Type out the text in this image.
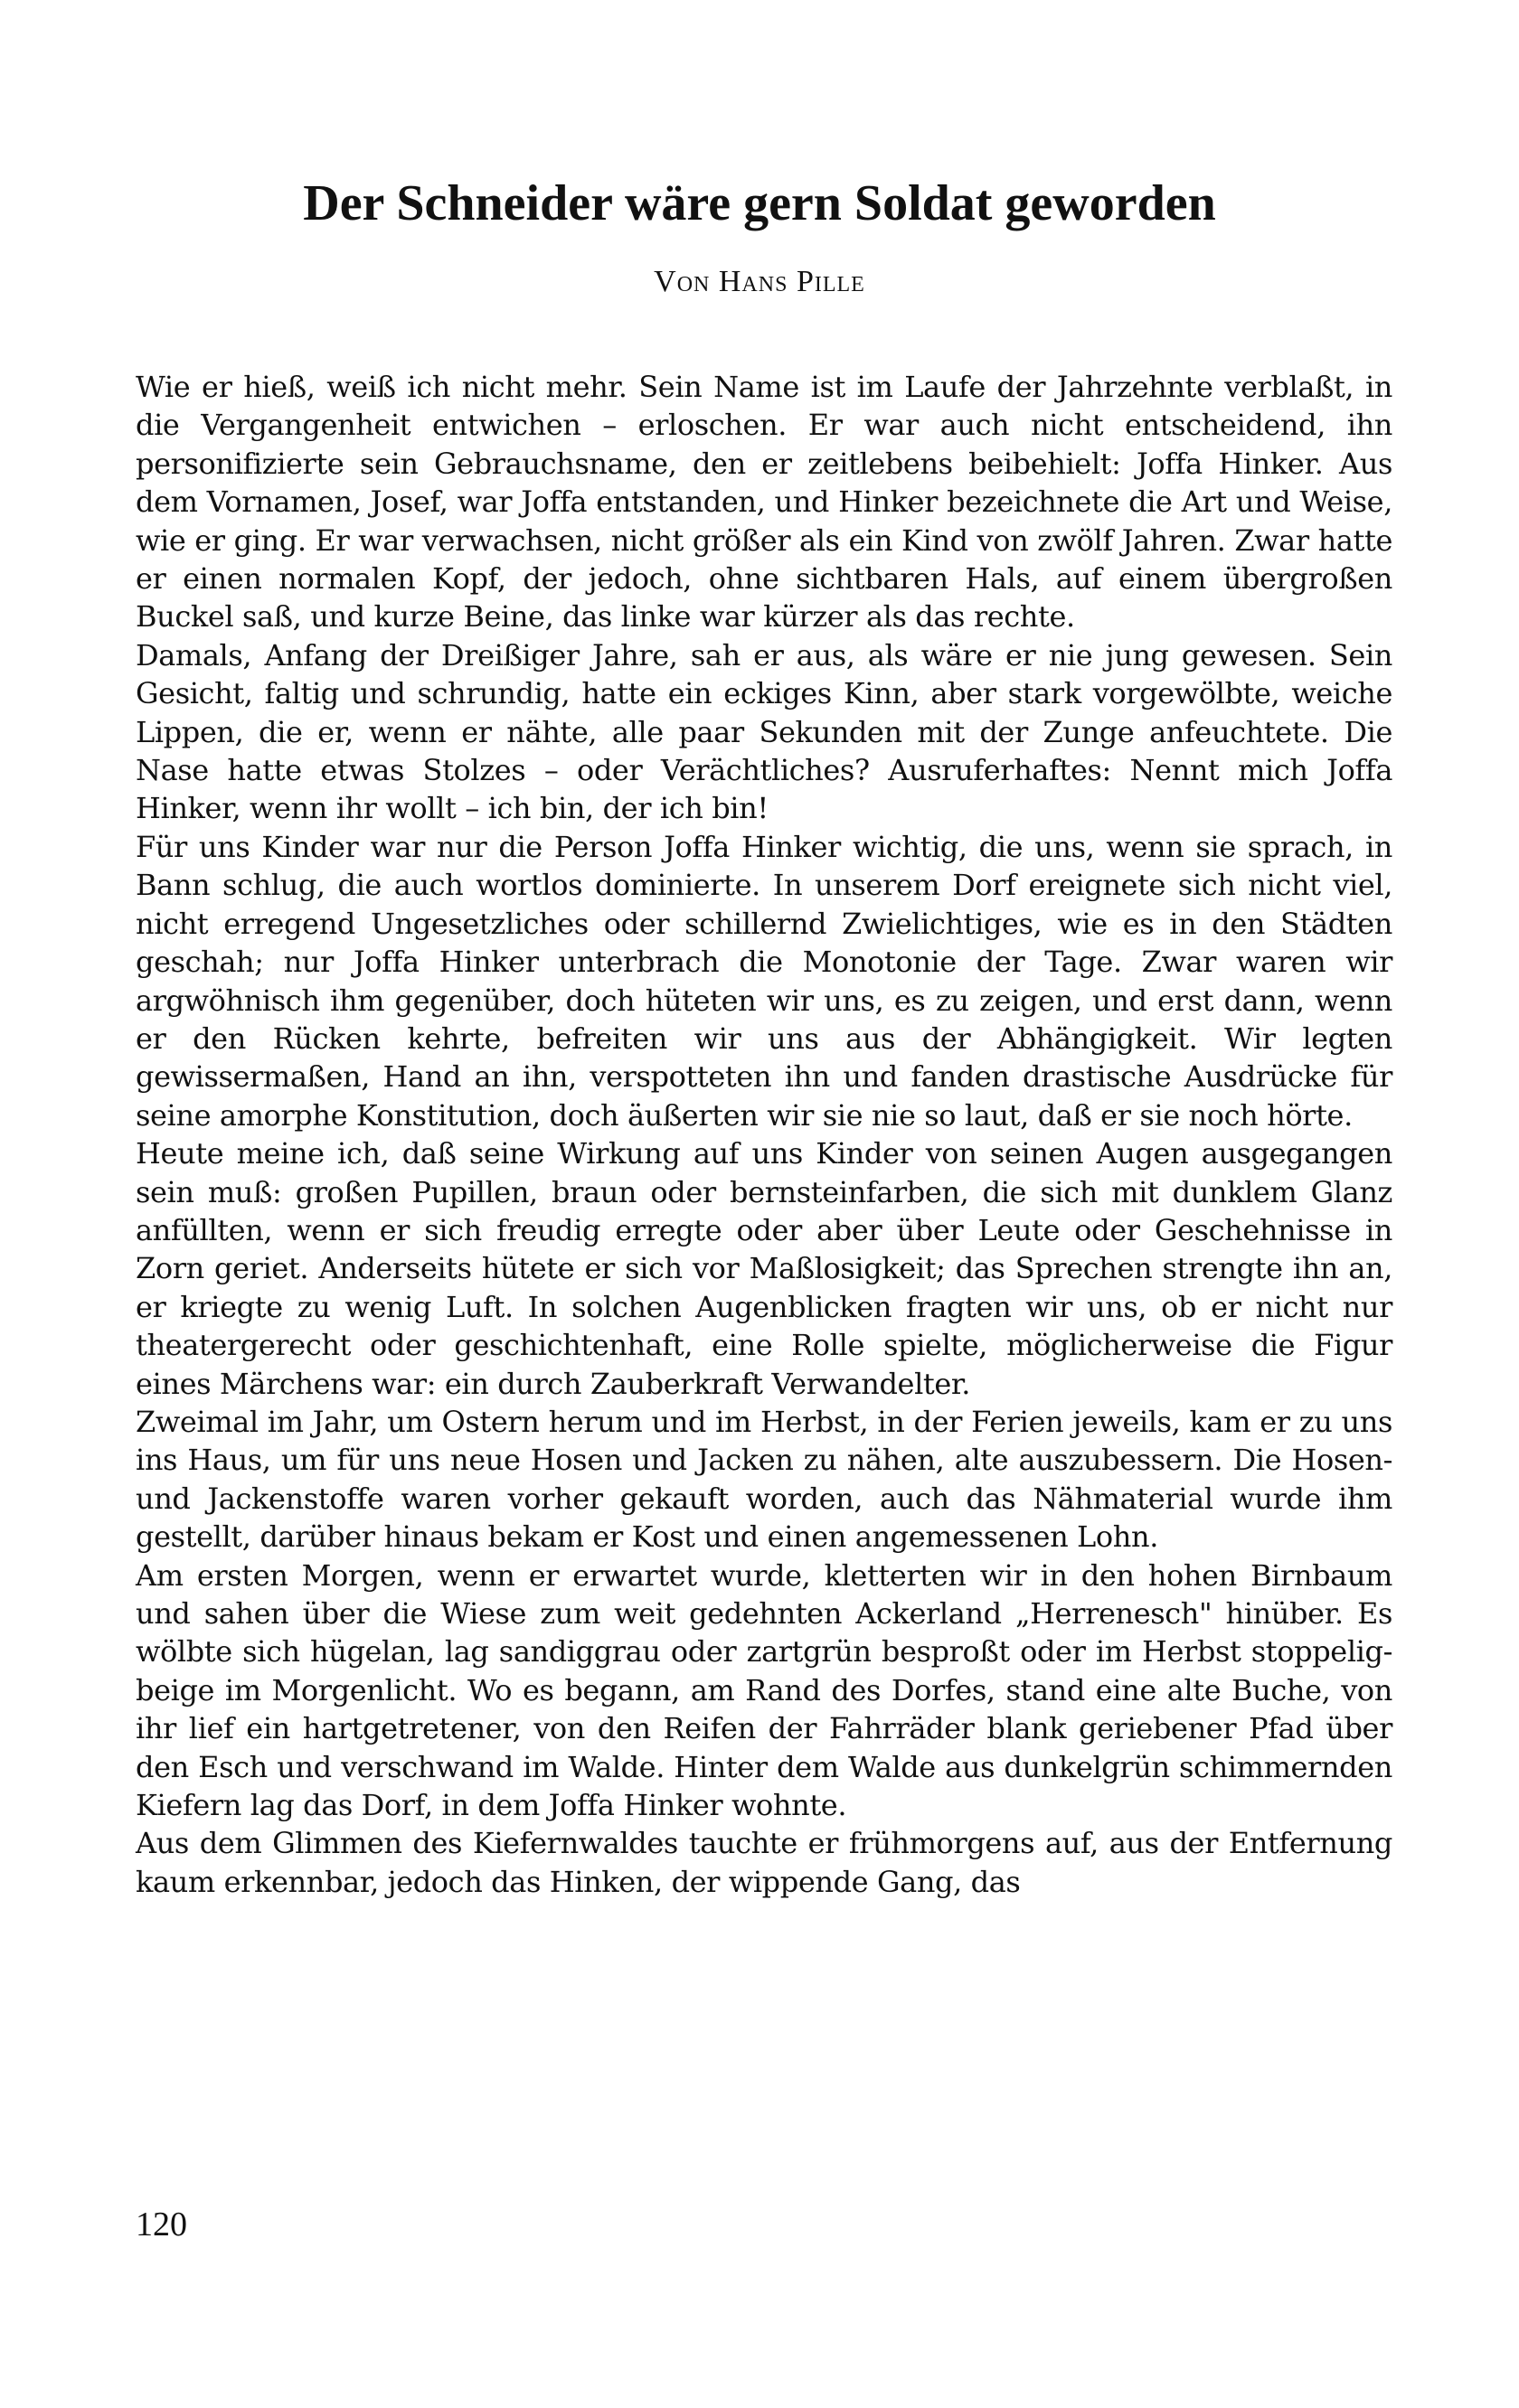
Der Schneider wäre gern Soldat geworden
Von Hans Pille

Wie er hieß, weiß ich nicht mehr. Sein Name ist im Laufe der Jahrzehnte verblaßt, in die Vergangenheit entwichen – erloschen. Er war auch nicht entscheidend, ihn personifizierte sein Gebrauchsname, den er zeitlebens beibehielt: Joffa Hinker. Aus dem Vornamen, Josef, war Joffa entstanden, und Hinker bezeichnete die Art und Weise, wie er ging. Er war verwachsen, nicht größer als ein Kind von zwölf Jahren. Zwar hatte er einen normalen Kopf, der jedoch, ohne sichtbaren Hals, auf einem übergroßen Buckel saß, und kurze Beine, das linke war kürzer als das rechte.

Damals, Anfang der Dreißiger Jahre, sah er aus, als wäre er nie jung gewesen. Sein Gesicht, faltig und schrundig, hatte ein eckiges Kinn, aber stark vorgewölbte, weiche Lippen, die er, wenn er nähte, alle paar Sekunden mit der Zunge anfeuchtete. Die Nase hatte etwas Stolzes – oder Verächtliches? Ausruferhaftes: Nennt mich Joffa Hinker, wenn ihr wollt – ich bin, der ich bin!

Für uns Kinder war nur die Person Joffa Hinker wichtig, die uns, wenn sie sprach, in Bann schlug, die auch wortlos dominierte. In unserem Dorf ereignete sich nicht viel, nicht erregend Ungesetzliches oder schillernd Zwielichtiges, wie es in den Städten geschah; nur Joffa Hinker unterbrach die Monotonie der Tage. Zwar waren wir argwöhnisch ihm gegenüber, doch hüteten wir uns, es zu zeigen, und erst dann, wenn er den Rücken kehrte, befreiten wir uns aus der Abhängigkeit. Wir legten gewissermaßen, Hand an ihn, verspotteten ihn und fanden drastische Ausdrücke für seine amorphe Konstitution, doch äußerten wir sie nie so laut, daß er sie noch hörte.

Heute meine ich, daß seine Wirkung auf uns Kinder von seinen Augen ausgegangen sein muß: großen Pupillen, braun oder bernsteinfarben, die sich mit dunklem Glanz anfüllten, wenn er sich freudig erregte oder aber über Leute oder Geschehnisse in Zorn geriet. Anderseits hütete er sich vor Maßlosigkeit; das Sprechen strengte ihn an, er kriegte zu wenig Luft. In solchen Augenblicken fragten wir uns, ob er nicht nur theatergerecht oder geschichtenhaft, eine Rolle spielte, möglicherweise die Figur eines Märchens war: ein durch Zauberkraft Verwandelter.

Zweimal im Jahr, um Ostern herum und im Herbst, in der Ferien jeweils, kam er zu uns ins Haus, um für uns neue Hosen und Jacken zu nähen, alte auszubessern. Die Hosen- und Jackenstoffe waren vorher gekauft worden, auch das Nähmaterial wurde ihm gestellt, darüber hinaus bekam er Kost und einen angemessenen Lohn.

Am ersten Morgen, wenn er erwartet wurde, kletterten wir in den hohen Birnbaum und sahen über die Wiese zum weit gedehnten Ackerland „Herrenesch" hinüber. Es wölbte sich hügelan, lag sandiggrau oder zartgrün besproßt oder im Herbst stoppelig-beige im Morgenlicht. Wo es begann, am Rand des Dorfes, stand eine alte Buche, von ihr lief ein hartgetretener, von den Reifen der Fahrräder blank geriebener Pfad über den Esch und verschwand im Walde. Hinter dem Walde aus dunkelgrün schimmernden Kiefern lag das Dorf, in dem Joffa Hinker wohnte.

Aus dem Glimmen des Kiefernwaldes tauchte er frühmorgens auf, aus der Entfernung kaum erkennbar, jedoch das Hinken, der wippende Gang, das

120
